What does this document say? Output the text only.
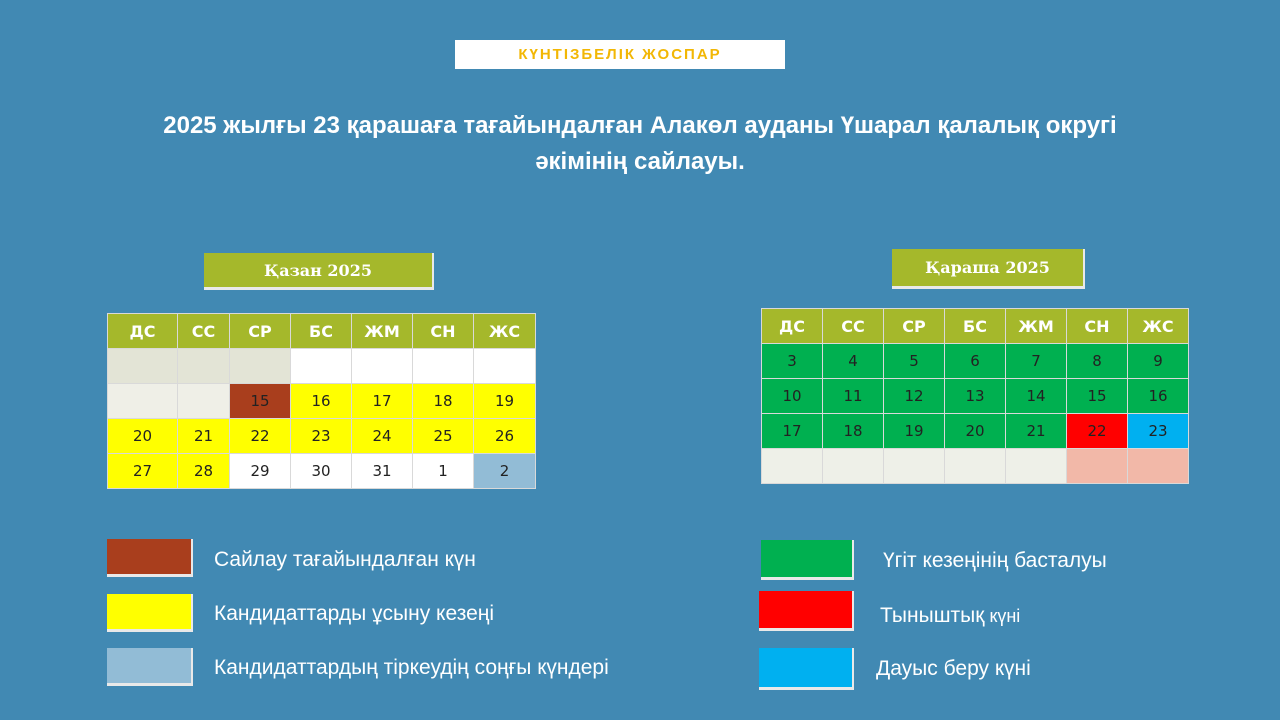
КҮНТІЗБЕЛІК ЖОСПАР
2025 жылғы 23 қарашаға тағайындалған Алакөл ауданы Үшарал қалалық округі
әкімінің сайлауы.
Қазан 2025	Қараша 2025
ДС	СС	СР	БС	ЖМ	СН	ЖС

		15	16	17	18	19
20	21	22	23	24	25	26
27	28	29	30	31	1	2
ДС	СС	СР	БС	ЖМ	СН	ЖС
3	4	5	6	7	8	9
10	11	12	13	14	15	16
17	18	19	20	21	22	23

Сайлау тағайындалған күн
Кандидаттарды ұсыну кезеңі
Кандидаттардың тіркеудің соңғы күндері
Үгіт кезеңінің басталуы
Тыныштық күні
Дауыс беру күні
